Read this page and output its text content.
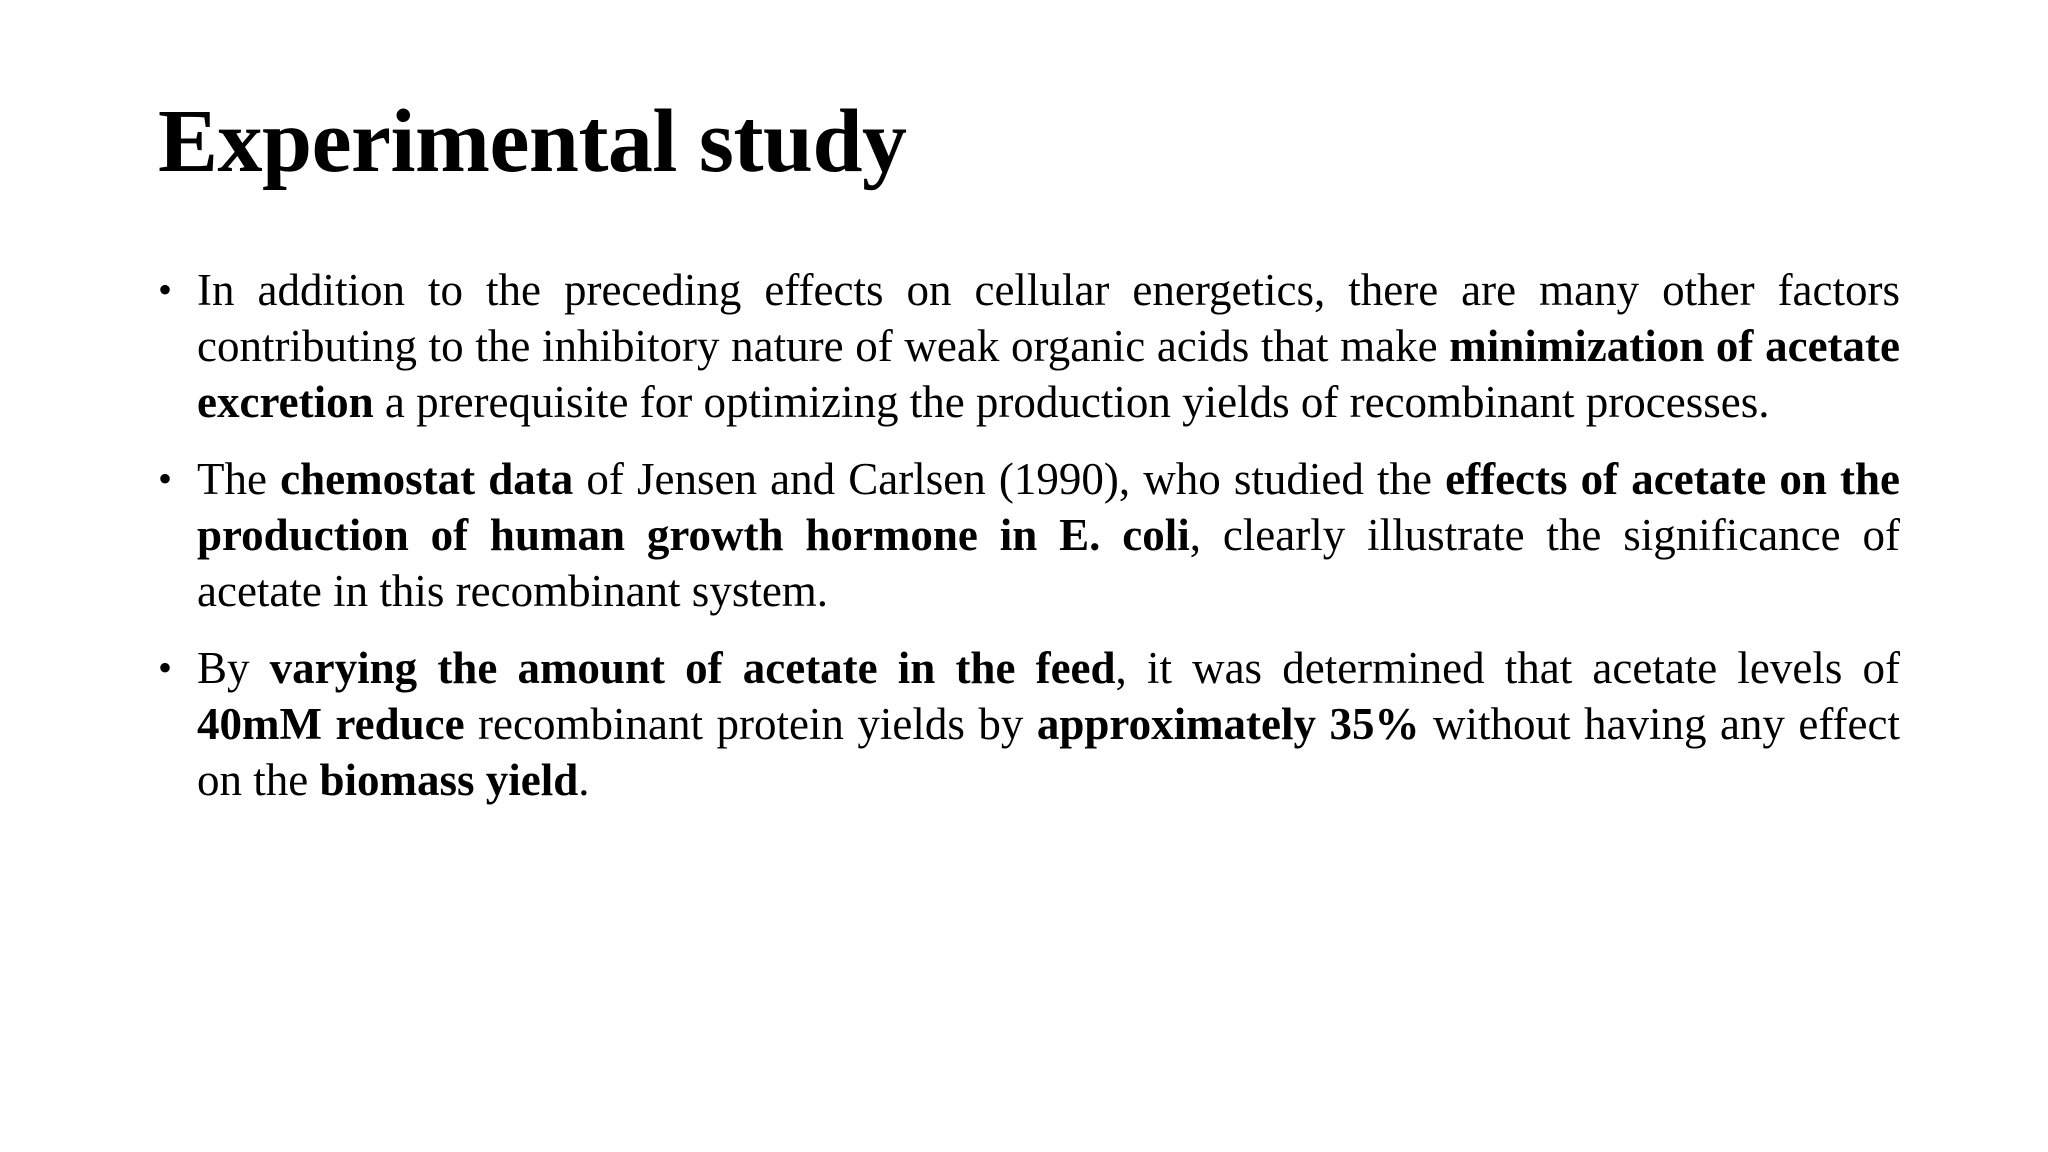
Experimental study
• In addition to the preceding effects on cellular energetics, there are many other factors contributing to the inhibitory nature of weak organic acids that make minimization of acetate excretion a prerequisite for optimizing the production yields of recombinant processes.
• The chemostat data of Jensen and Carlsen (1990), who studied the effects of acetate on the production of human growth hormone in E. coli, clearly illustrate the significance of acetate in this recombinant system.
• By varying the amount of acetate in the feed, it was determined that acetate levels of 40mM reduce recombinant protein yields by approximately 35% without having any effect on the biomass yield.
